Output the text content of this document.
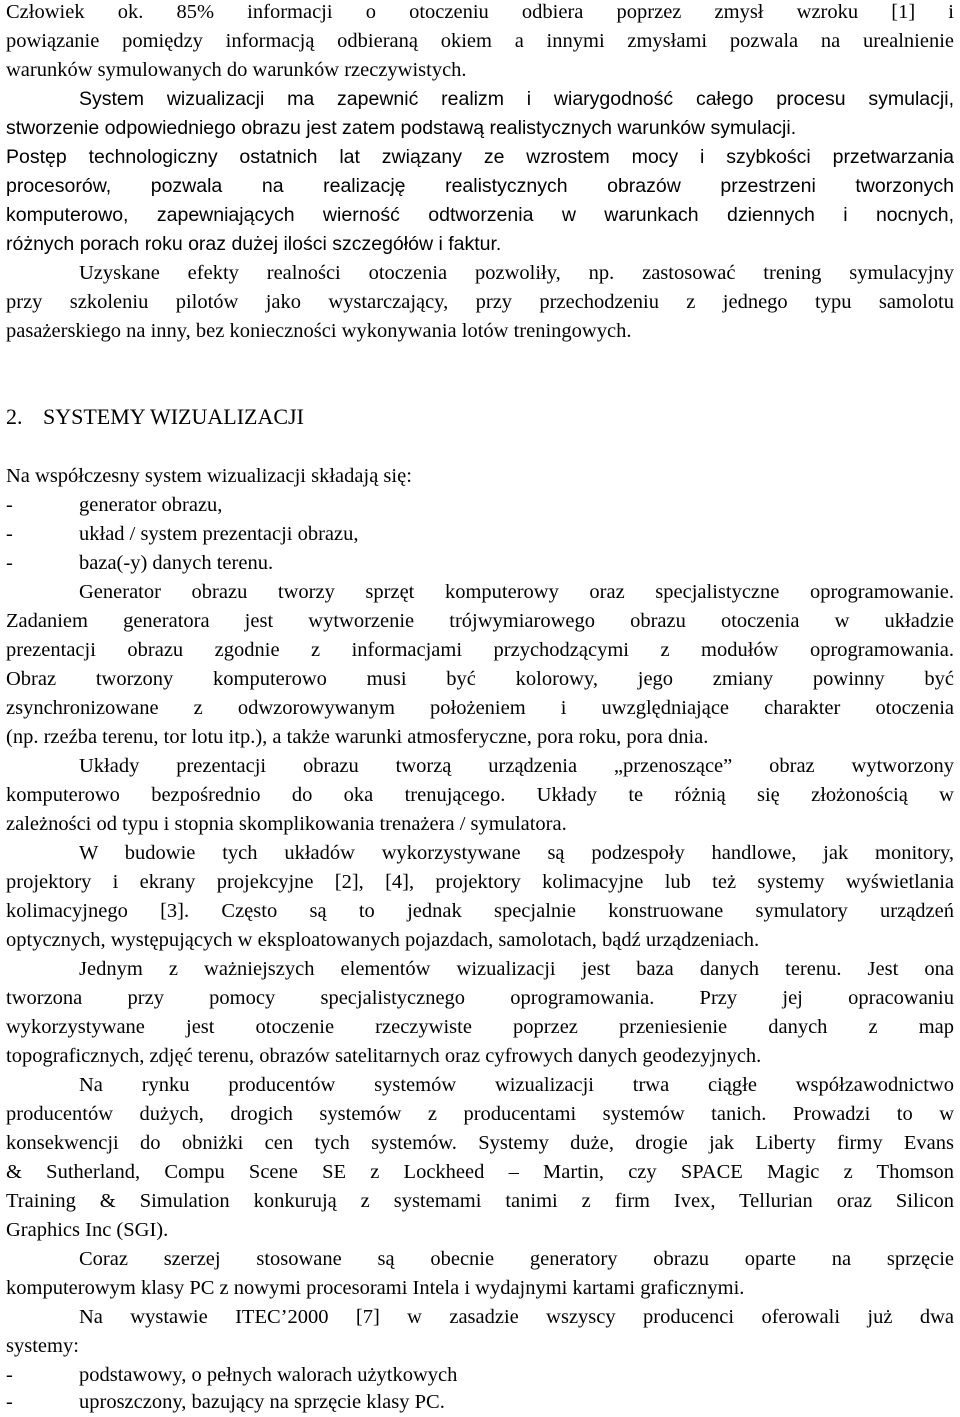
Człowiek ok. 85% informacji o otoczeniu odbiera poprzez zmysł wzroku [1] i
powiązanie pomiędzy informacją odbieraną okiem a innymi zmysłami pozwala na urealnienie
warunków symulowanych do warunków rzeczywistych.
System wizualizacji ma zapewnić realizm i wiarygodność całego procesu symulacji,
stworzenie odpowiedniego obrazu jest zatem podstawą realistycznych warunków symulacji.
Postęp technologiczny ostatnich lat związany ze wzrostem mocy i szybkości przetwarzania
procesorów, pozwala na realizację realistycznych obrazów przestrzeni tworzonych
komputerowo, zapewniających wierność odtworzenia w warunkach dziennych i nocnych,
różnych porach roku oraz dużej ilości szczegółów i faktur.
Uzyskane efekty realności otoczenia pozwoliły, np. zastosować trening symulacyjny
przy szkoleniu pilotów jako wystarczający, przy przechodzeniu z jednego typu samolotu
pasażerskiego na inny, bez konieczności wykonywania lotów treningowych.
2. SYSTEMY WIZUALIZACJI
Na współczesny system wizualizacji składają się:
-	generator obrazu,
-	układ / system prezentacji obrazu,
-	baza(-y) danych terenu.
Generator obrazu tworzy sprzęt komputerowy oraz specjalistyczne oprogramowanie.
Zadaniem generatora jest wytworzenie trójwymiarowego obrazu otoczenia w układzie
prezentacji obrazu zgodnie z informacjami przychodzącymi z modułów oprogramowania.
Obraz tworzony komputerowo musi być kolorowy, jego zmiany powinny być
zsynchronizowane z odwzorowywanym położeniem i uwzględniające charakter otoczenia
(np. rzeźba terenu, tor lotu itp.), a także warunki atmosferyczne, pora roku, pora dnia.
Układy prezentacji obrazu tworzą urządzenia „przenoszące” obraz wytworzony
komputerowo bezpośrednio do oka trenującego. Układy te różnią się złożonością w
zależności od typu i stopnia skomplikowania trenażera / symulatora.
W budowie tych układów wykorzystywane są podzespoły handlowe, jak monitory,
projektory i ekrany projekcyjne [2], [4], projektory kolimacyjne lub też systemy wyświetlania
kolimacyjnego [3]. Często są to jednak specjalnie konstruowane symulatory urządzeń
optycznych, występujących w eksploatowanych pojazdach, samolotach, bądź urządzeniach.
Jednym z ważniejszych elementów wizualizacji jest baza danych terenu. Jest ona
tworzona przy pomocy specjalistycznego oprogramowania. Przy jej opracowaniu
wykorzystywane jest otoczenie rzeczywiste poprzez przeniesienie danych z map
topograficznych, zdjęć terenu, obrazów satelitarnych oraz cyfrowych danych geodezyjnych.
Na rynku producentów systemów wizualizacji trwa ciągłe współzawodnictwo
producentów dużych, drogich systemów z producentami systemów tanich. Prowadzi to w
konsekwencji do obniżki cen tych systemów. Systemy duże, drogie jak Liberty firmy Evans
& Sutherland, Compu Scene SE z Lockheed – Martin, czy SPACE Magic z Thomson
Training & Simulation konkurują z systemami tanimi z firm Ivex, Tellurian oraz Silicon
Graphics Inc (SGI).
Coraz szerzej stosowane są obecnie generatory obrazu oparte na sprzęcie
komputerowym klasy PC z nowymi procesorami Intela i wydajnymi kartami graficznymi.
Na wystawie ITEC’2000 [7] w zasadzie wszyscy producenci oferowali już dwa
systemy:
-	podstawowy, o pełnych walorach użytkowych
-	uproszczony, bazujący na sprzęcie klasy PC.
